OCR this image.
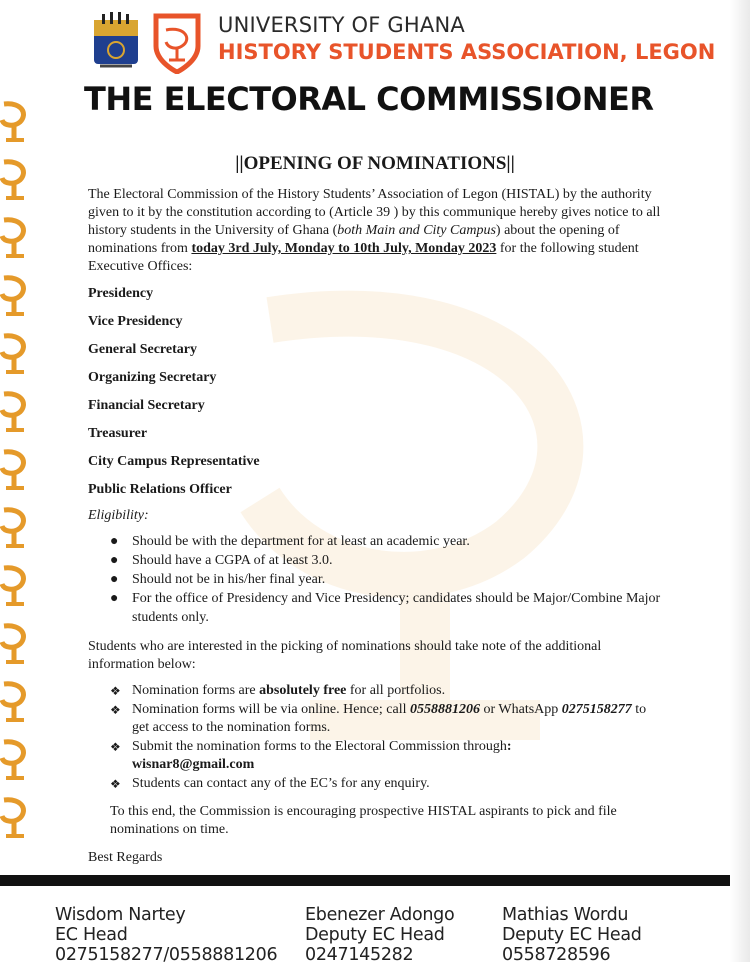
UNIVERSITY OF GHANA
HISTORY STUDENTS ASSOCIATION, LEGON
THE ELECTORAL COMMISSIONER
||OPENING OF NOMINATIONS||

The Electoral Commission of the History Students’ Association of Legon (HISTAL) by the authority given to it by the constitution according to (Article 39 ) by this communique hereby gives notice to all history students in the University of Ghana (both Main and City Campus) about the opening of nominations from today 3rd July, Monday to 10th July, Monday 2023 for the following student Executive Offices:

Presidency
Vice Presidency
General Secretary
Organizing Secretary
Financial Secretary
Treasurer
City Campus Representative
Public Relations Officer
Eligibility:
● Should be with the department for at least an academic year.
● Should have a CGPA of at least 3.0.
● Should not be in his/her final year.
● For the office of Presidency and Vice Presidency; candidates should be Major/Combine Major students only.

Students who are interested in the picking of nominations should take note of the additional information below:

❖ Nomination forms are absolutely free for all portfolios.
❖ Nomination forms will be via online. Hence; call 0558881206 or WhatsApp 0275158277 to get access to the nomination forms.
❖ Submit the nomination forms to the Electoral Commission through:
wisnar8@gmail.com
❖ Students can contact any of the EC’s for any enquiry.

To this end, the Commission is encouraging prospective HISTAL aspirants to pick and file nominations on time.

Best Regards

Wisdom Nartey
EC Head
0275158277/0558881206
Ebenezer Adongo
Deputy EC Head
0247145282
Mathias Wordu
Deputy EC Head
0558728596
